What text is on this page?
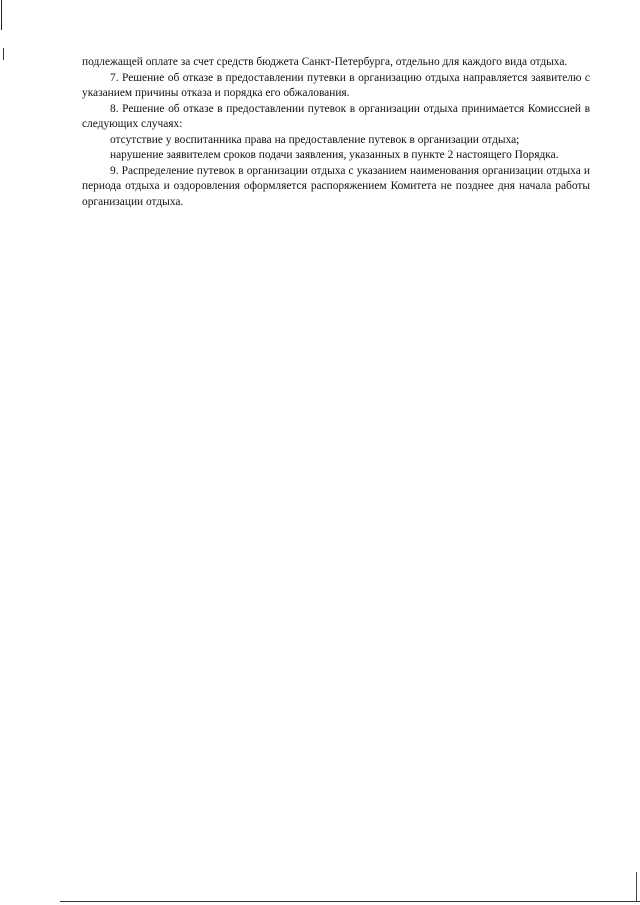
подлежащей оплате за счет средств бюджета Санкт-Петербурга, отдельно для каждого вида отдыха.

7. Решение об отказе в предоставлении путевки в организацию отдыха направляется заявителю с указанием причины отказа и порядка его обжалования.

8. Решение об отказе в предоставлении путевок в организации отдыха принимается Комиссией в следующих случаях:

отсутствие у воспитанника права на предоставление путевок в организации отдыха;

нарушение заявителем сроков подачи заявления, указанных в пункте 2 настоящего Порядка.

9. Распределение путевок в организации отдыха с указанием наименования организации отдыха и периода отдыха и оздоровления оформляется распоряжением Комитета не позднее дня начала работы организации отдыха.
